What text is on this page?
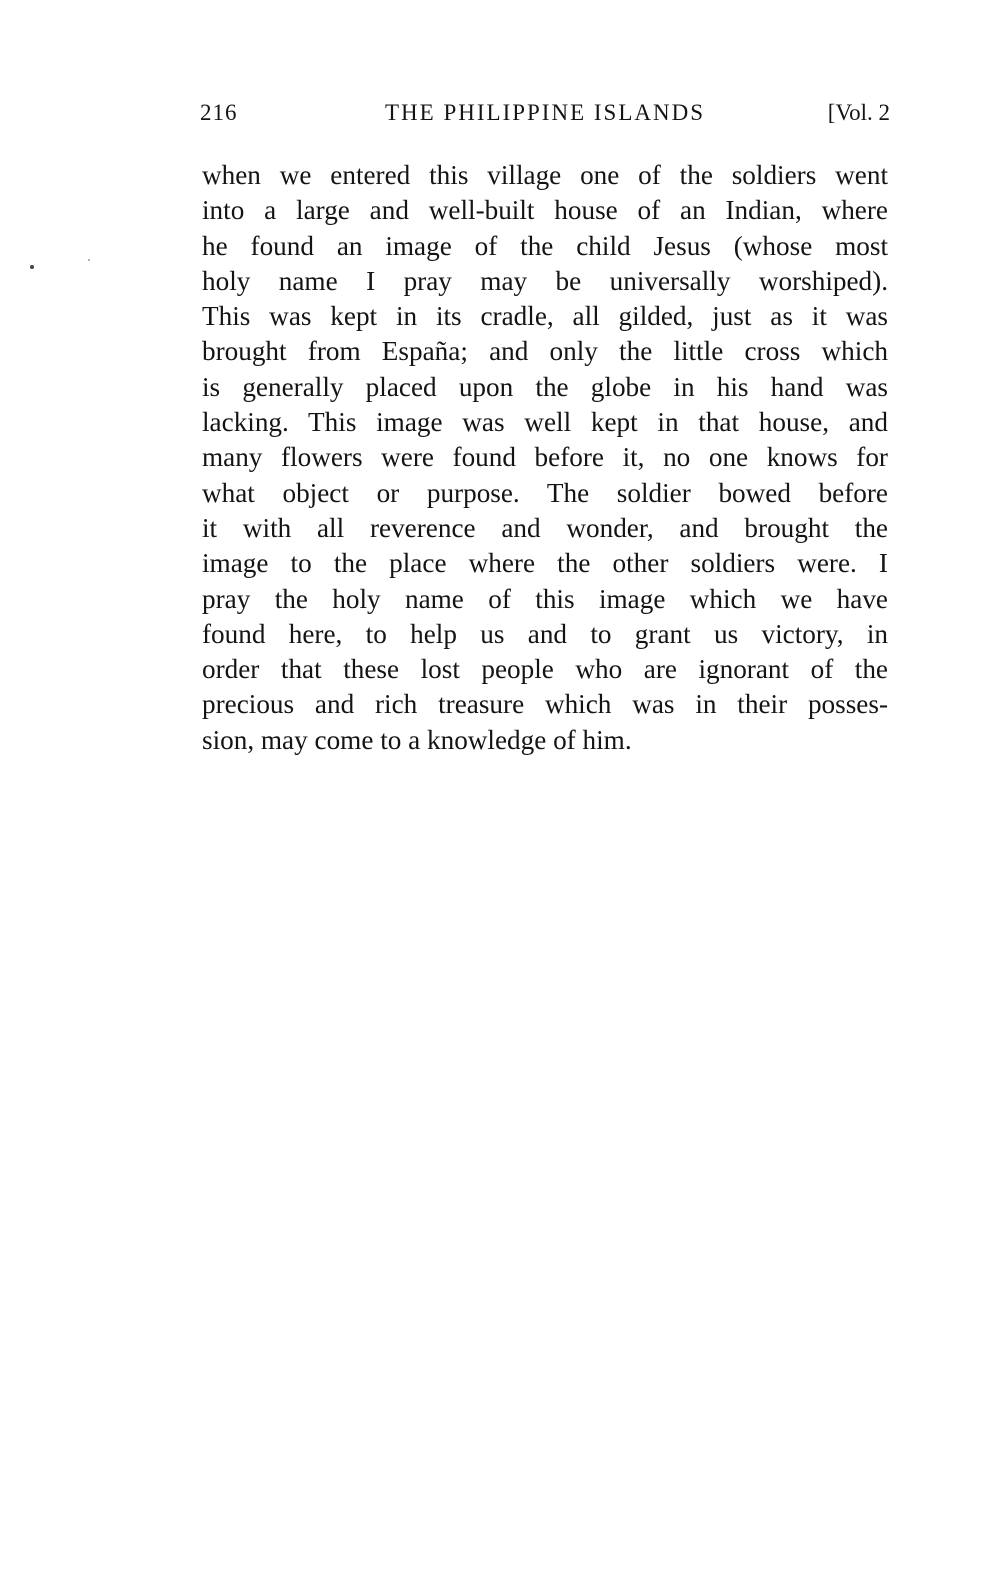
216	THE PHILIPPINE ISLANDS	[Vol. 2
when we entered this village one of the soldiers went
into a large and well-built house of an Indian, where
he found an image of the child Jesus (whose most
holy name I pray may be universally worshiped).
This was kept in its cradle, all gilded, just as it was
brought from España; and only the little cross which
is generally placed upon the globe in his hand was
lacking. This image was well kept in that house, and
many flowers were found before it, no one knows for
what object or purpose. The soldier bowed before
it with all reverence and wonder, and brought the
image to the place where the other soldiers were. I
pray the holy name of this image which we have
found here, to help us and to grant us victory, in
order that these lost people who are ignorant of the
precious and rich treasure which was in their posses-
sion, may come to a knowledge of him.
